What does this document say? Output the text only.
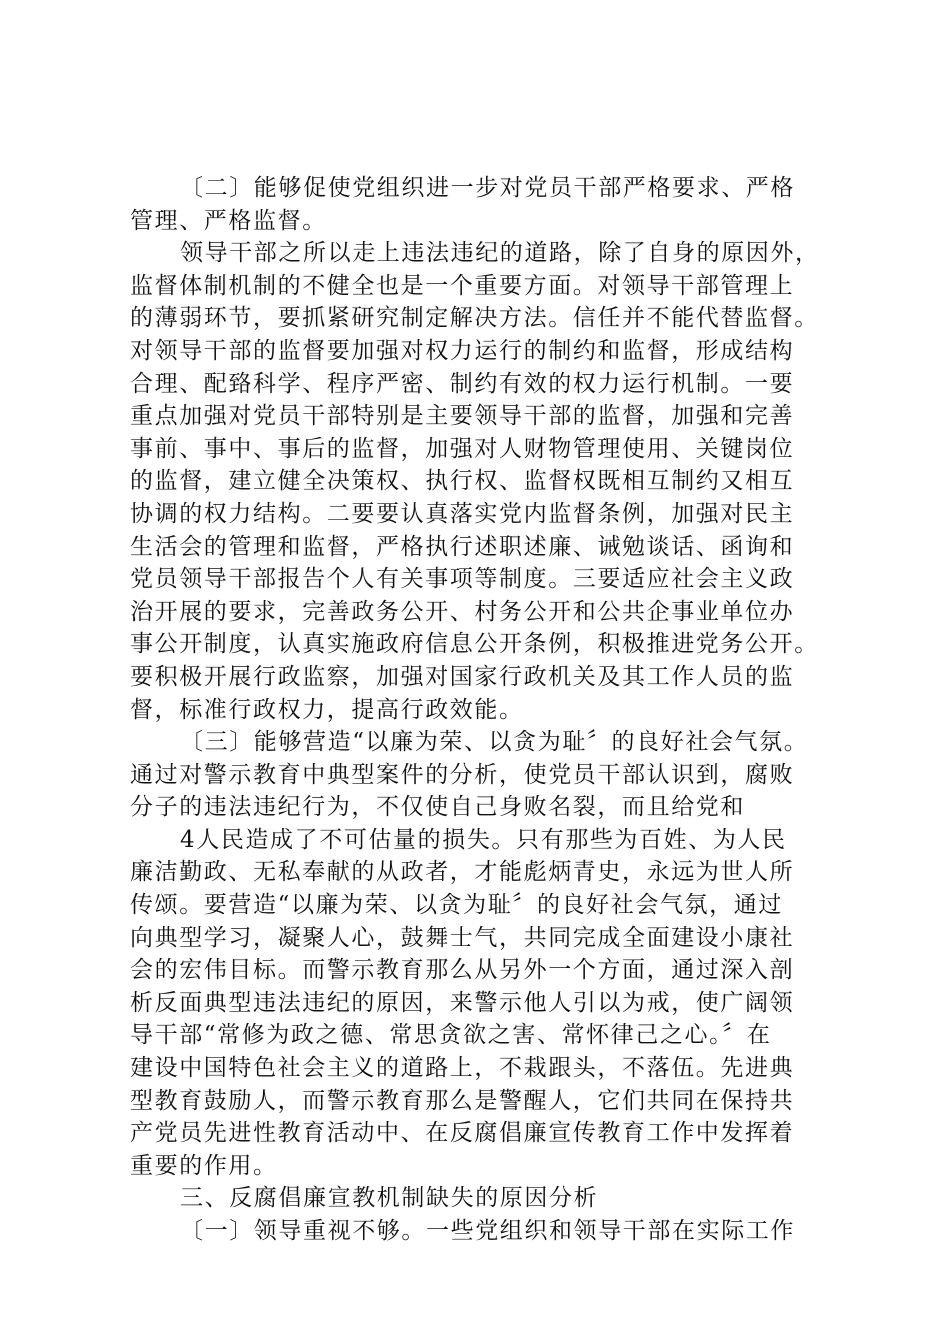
〔二〕能够促使党组织进一步对党员干部严格要求、严格
管理、严格监督。
领导干部之所以走上违法违纪的道路，除了自身的原因外，
监督体制机制的不健全也是一个重要方面。对领导干部管理上
的薄弱环节，要抓紧研究制定解决方法。信任并不能代替监督。
对领导干部的监督要加强对权力运行的制约和监督，形成结构
合理、配臵科学、程序严密、制约有效的权力运行机制。一要
重点加强对党员干部特别是主要领导干部的监督，加强和完善
事前、事中、事后的监督，加强对人财物管理使用、关键岗位
的监督，建立健全决策权、执行权、监督权既相互制约又相互
协调的权力结构。二要要认真落实党内监督条例，加强对民主
生活会的管理和监督，严格执行述职述廉、诫勉谈话、函询和
党员领导干部报告个人有关事项等制度。三要适应社会主义政
治开展的要求，完善政务公开、村务公开和公共企事业单位办
事公开制度，认真实施政府信息公开条例，积极推进党务公开。
要积极开展行政监察，加强对国家行政机关及其工作人员的监
督，标准行政权力，提高行政效能。
〔三〕能够营造“以廉为荣、以贪为耻〞的良好社会气氛。
通过对警示教育中典型案件的分析，使党员干部认识到，腐败
分子的违法违纪行为，不仅使自己身败名裂，而且给党和
4人民造成了不可估量的损失。只有那些为百姓、为人民
廉洁勤政、无私奉献的从政者，才能彪炳青史，永远为世人所
传颂。要营造“以廉为荣、以贪为耻〞的良好社会气氛，通过
向典型学习，凝聚人心，鼓舞士气，共同完成全面建设小康社
会的宏伟目标。而警示教育那么从另外一个方面，通过深入剖
析反面典型违法违纪的原因，来警示他人引以为戒，使广阔领
导干部“常修为政之德、常思贪欲之害、常怀律己之心。〞在
建设中国特色社会主义的道路上，不栽跟头，不落伍。先进典
型教育鼓励人，而警示教育那么是警醒人，它们共同在保持共
产党员先进性教育活动中、在反腐倡廉宣传教育工作中发挥着
重要的作用。
三、反腐倡廉宣教机制缺失的原因分析
〔一〕领导重视不够。一些党组织和领导干部在实际工作
